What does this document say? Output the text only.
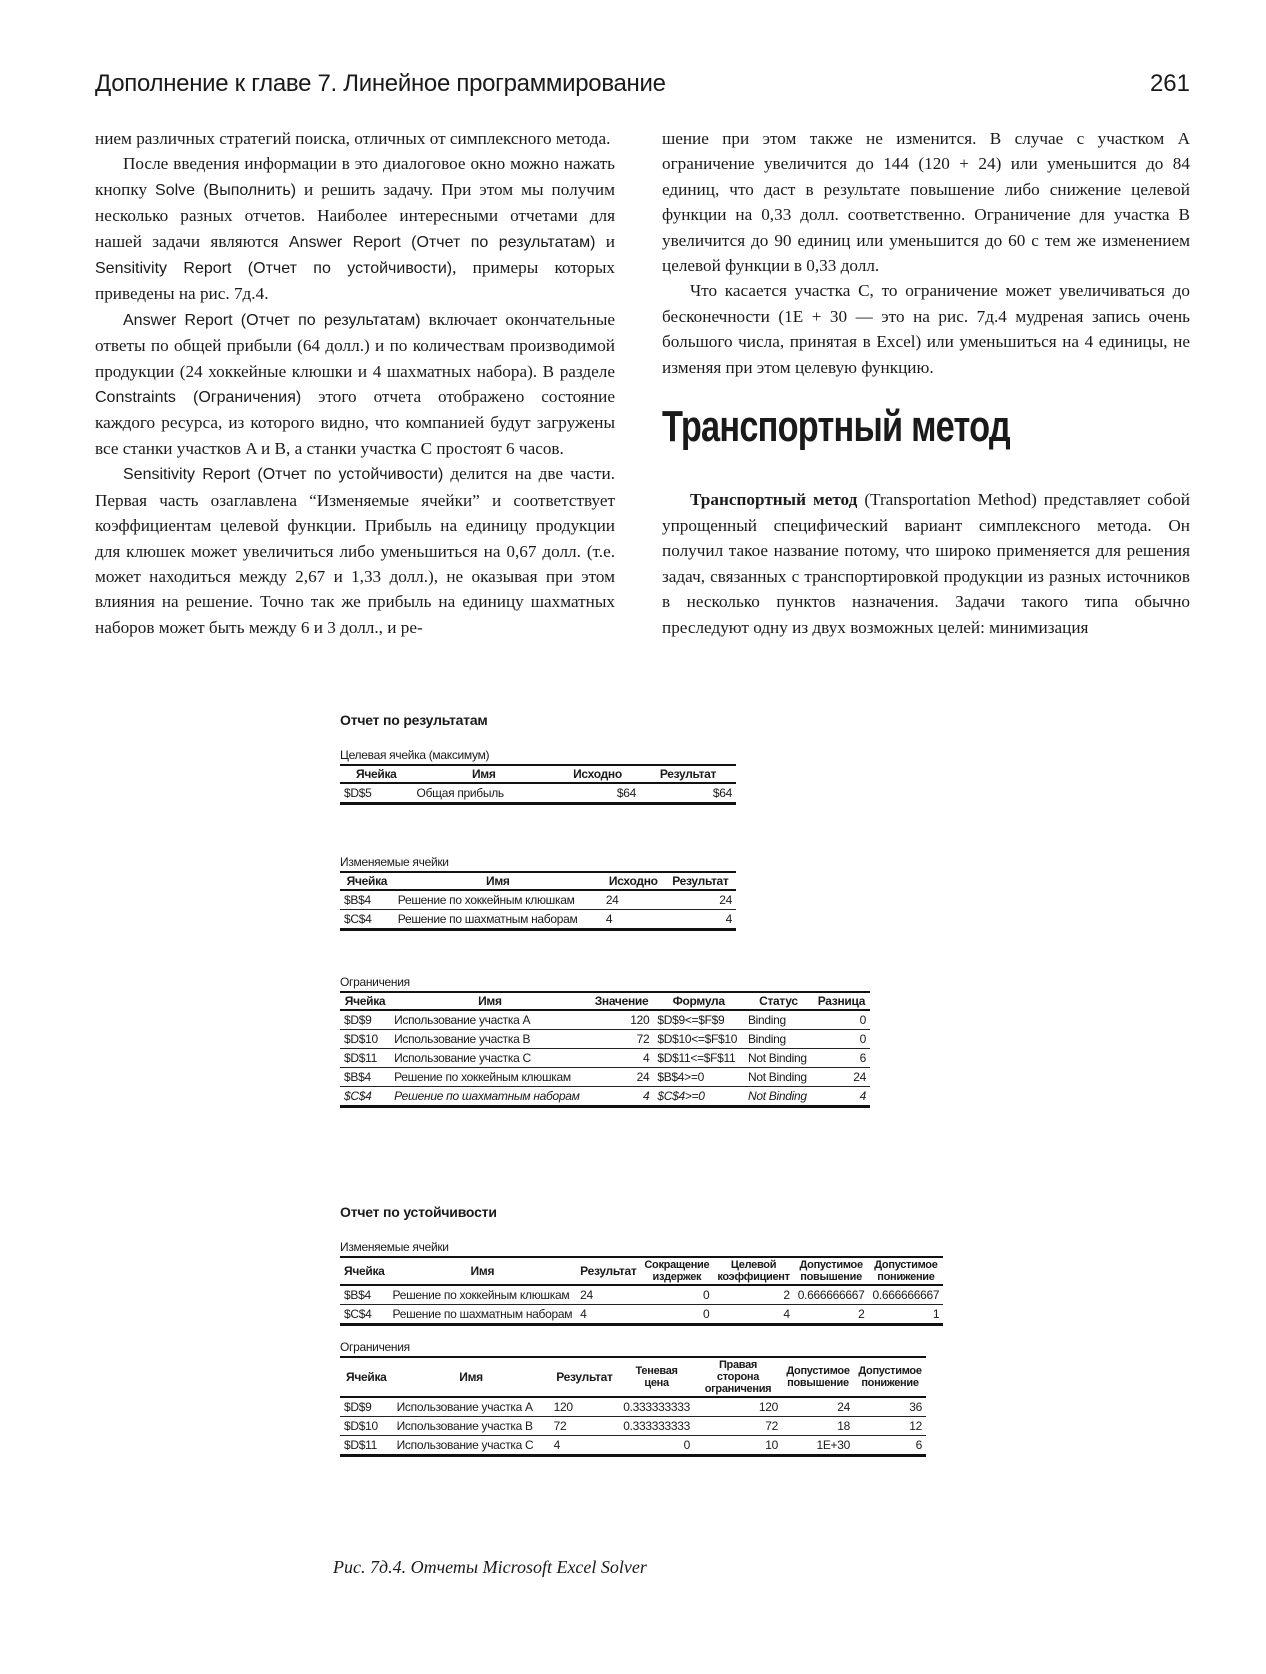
Дополнение к главе 7. Линейное программирование	261

нием различных стратегий поиска, отличных от симплексного метода.

После введения информации в это диалоговое окно можно нажать кнопку Solve (Выполнить) и решить задачу. При этом мы получим несколько разных отчетов. Наиболее интересными отчетами для нашей задачи являются Answer Report (Отчет по результатам) и Sensitivity Report (Отчет по устойчивости), примеры которых приведены на рис. 7д.4.

Answer Report (Отчет по результатам) включает окончательные ответы по общей прибыли (64 долл.) и по количествам производимой продукции (24 хоккейные клюшки и 4 шахматных набора). В разделе Constraints (Ограничения) этого отчета отображено состояние каждого ресурса, из которого видно, что компанией будут загружены все станки участков A и B, а станки участка C простоят 6 часов.

Sensitivity Report (Отчет по устойчивости) делится на две части. Первая часть озаглавлена “Изменяемые ячейки” и соответствует коэффициентам целевой функции. Прибыль на единицу продукции для клюшек может увеличиться либо уменьшиться на 0,67 долл. (т.е. может находиться между 2,67 и 1,33 долл.), не оказывая при этом влияния на решение. Точно так же прибыль на единицу шахматных наборов может быть между 6 и 3 долл., и ре-

шение при этом также не изменится. В случае с участком A ограничение увеличится до 144 (120 + 24) или уменьшится до 84 единиц, что даст в результате повышение либо снижение целевой функции на 0,33 долл. соответственно. Ограничение для участка B увеличится до 90 единиц или уменьшится до 60 с тем же изменением целевой функции в 0,33 долл.

Что касается участка C, то ограничение может увеличиваться до бесконечности (1E + 30 — это на рис. 7д.4 мудреная запись очень большого числа, принятая в Excel) или уменьшиться на 4 единицы, не изменяя при этом целевую функцию.

Транспортный метод

Транспортный метод (Transportation Method) представляет собой упрощенный специфический вариант симплексного метода. Он получил такое название потому, что широко применяется для решения задач, связанных с транспортировкой продукции из разных источников в несколько пунктов назначения. Задачи такого типа обычно преследуют одну из двух возможных целей: минимизация

Отчет по результатам
Целевая ячейка (максимум)
Ячейка	Имя	Исходно	Результат
$D$5	Общая прибыль	$64	$64
Изменяемые ячейки
Ячейка	Имя	Исходно	Результат
$B$4	Решение по хоккейным клюшкам	24	24
$C$4	Решение по шахматным наборам	4	4
Ограничения
Ячейка	Имя	Значение	Формула	Статус	Разница
$D$9	Использование участка A	120	$D$9<=$F$9	Binding	0
$D$10	Использование участка B	72	$D$10<=$F$10	Binding	0
$D$11	Использование участка C	4	$D$11<=$F$11	Not Binding	6
$B$4	Решение по хоккейным клюшкам	24	$B$4>=0	Not Binding	24
$C$4	Решение по шахматным наборам	4	$C$4>=0	Not Binding	4
Отчет по устойчивости
Изменяемые ячейки
Ячейка	Имя	Результат	Сокращение издержек	Целевой коэффициент	Допустимое повышение	Допустимое понижение
$B$4	Решение по хоккейным клюшкам	24	0	2	0.666666667	0.666666667
$C$4	Решение по шахматным наборам	4	0	4	2	1
Ограничения
Ячейка	Имя	Результат	Теневая цена	Правая сторона ограничения	Допустимое повышение	Допустимое понижение
$D$9	Использование участка A	120	0.333333333	120	24	36
$D$10	Использование участка B	72	0.333333333	72	18	12
$D$11	Использование участка C	4	0	10	1E+30	6
Рис. 7д.4. Отчеты Microsoft Excel Solver
